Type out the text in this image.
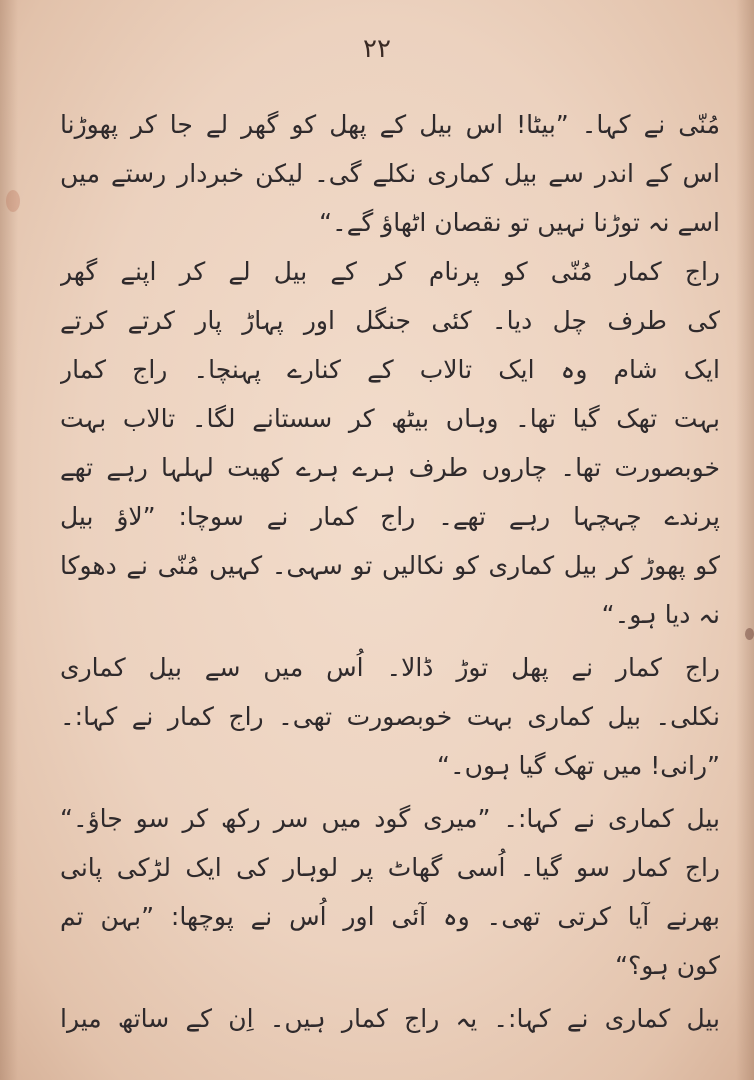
۲۲
مُنّی نے کہا۔ ”بیٹا! اس بیل کے پھل کو گھر لے جا کر پھوڑنا
اس کے اندر سے بیل کماری نکلے گی۔ لیکن خبردار رستے میں
اسے نہ توڑنا نہیں تو نقصان اٹھاؤ گے۔“
راج کمار مُنّی کو پرنام کر کے بیل لے کر اپنے گھر
کی طرف چل دیا۔ کئی جنگل اور پہاڑ پار کرتے کرتے
ایک شام وہ ایک تالاب کے کنارے پہنچا۔ راج کمار
بہت تھک گیا تھا۔ وہاں بیٹھ کر سستانے لگا۔ تالاب بہت
خوبصورت تھا۔ چاروں طرف ہرے ہرے کھیت لہلہا رہے تھے
پرندے چہچہا رہے تھے۔ راج کمار نے سوچا: ”لاؤ بیل
کو پھوڑ کر بیل کماری کو نکالیں تو سہی۔ کہیں مُنّی نے دھوکا
نہ دیا ہو۔“
راج کمار نے پھل توڑ ڈالا۔ اُس میں سے بیل کماری
نکلی۔ بیل کماری بہت خوبصورت تھی۔ راج کمار نے کہا:۔
”رانی! میں تھک گیا ہوں۔“
بیل کماری نے کہا:۔ ”میری گود میں سر رکھ کر سو جاؤ۔“
راج کمار سو گیا۔ اُسی گھاٹ پر لوہار کی ایک لڑکی پانی
بھرنے آیا کرتی تھی۔ وہ آئی اور اُس نے پوچھا: ”بہن تم
کون ہو؟“
بیل کماری نے کہا:۔ یہ راج کمار ہیں۔ اِن کے ساتھ میرا
